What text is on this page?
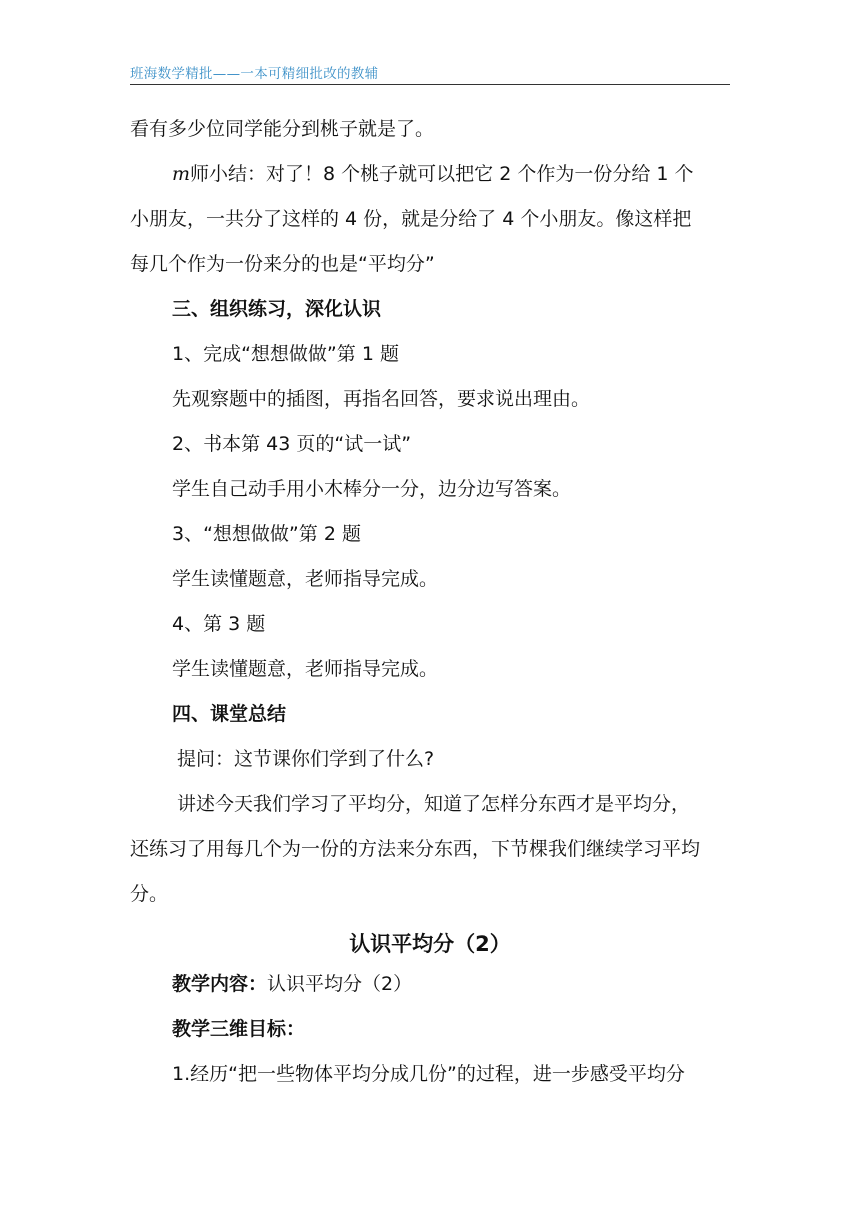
班海数学精批——一本可精细批改的教辅
看有多少位同学能分到桃子就是了。
m师小结：对了！8 个桃子就可以把它 2 个作为一份分给 1 个
小朋友，一共分了这样的 4 份，就是分给了 4 个小朋友。像这样把
每几个作为一份来分的也是“平均分”
三、组织练习，深化认识
1、完成“想想做做”第 1 题
先观察题中的插图，再指名回答，要求说出理由。
2、书本第 43 页的“试一试”
学生自己动手用小木棒分一分，边分边写答案。
3、“想想做做”第 2 题
学生读懂题意，老师指导完成。
4、第 3 题
学生读懂题意，老师指导完成。
四、课堂总结
提问：这节课你们学到了什么?
讲述今天我们学习了平均分，知道了怎样分东西才是平均分，
还练习了用每几个为一份的方法来分东西，下节棵我们继续学习平均
分。
认识平均分（2）
教学内容：认识平均分（2）
教学三维目标：
1.经历“把一些物体平均分成几份”的过程，进一步感受平均分
